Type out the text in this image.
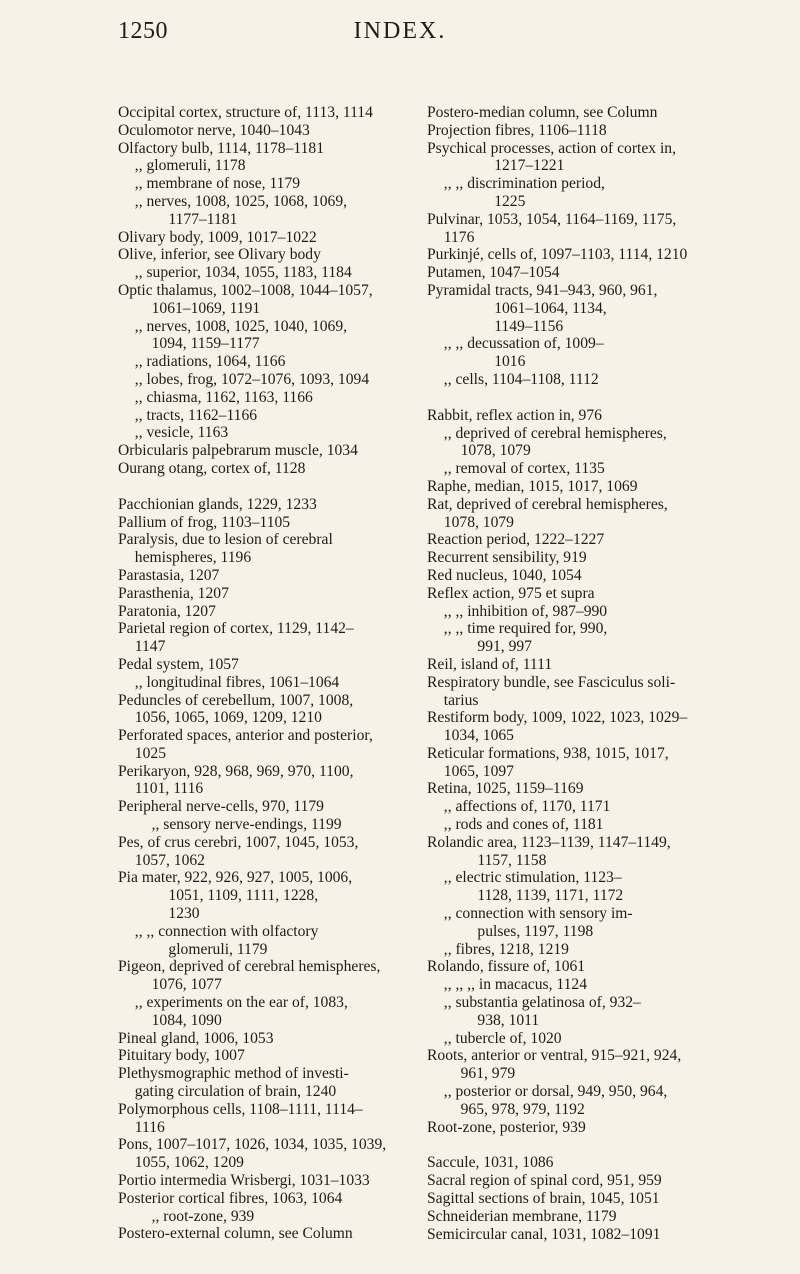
1250	INDEX.
Occipital cortex, structure of, 1113, 1114
Oculomotor nerve, 1040–1043
Olfactory bulb, 1114, 1178–1181
,, glomeruli, 1178
,, membrane of nose, 1179
,, nerves, 1008, 1025, 1068, 1069,
1177–1181
Olivary body, 1009, 1017–1022
Olive, inferior, see Olivary body
,, superior, 1034, 1055, 1183, 1184
Optic thalamus, 1002–1008, 1044–1057,
1061–1069, 1191
,, nerves, 1008, 1025, 1040, 1069,
1094, 1159–1177
,, radiations, 1064, 1166
,, lobes, frog, 1072–1076, 1093, 1094
,, chiasma, 1162, 1163, 1166
,, tracts, 1162–1166
,, vesicle, 1163
Orbicularis palpebrarum muscle, 1034
Ourang otang, cortex of, 1128
Pacchionian glands, 1229, 1233
Pallium of frog, 1103–1105
Paralysis, due to lesion of cerebral
hemispheres, 1196
Parastasia, 1207
Parasthenia, 1207
Paratonia, 1207
Parietal region of cortex, 1129, 1142–
1147
Pedal system, 1057
,, longitudinal fibres, 1061–1064
Peduncles of cerebellum, 1007, 1008,
1056, 1065, 1069, 1209, 1210
Perforated spaces, anterior and posterior,
1025
Perikaryon, 928, 968, 969, 970, 1100,
1101, 1116
Peripheral nerve-cells, 970, 1179
,, sensory nerve-endings, 1199
Pes, of crus cerebri, 1007, 1045, 1053,
1057, 1062
Pia mater, 922, 926, 927, 1005, 1006,
1051, 1109, 1111, 1228,
1230
,, ,, connection with olfactory
glomeruli, 1179
Pigeon, deprived of cerebral hemispheres,
1076, 1077
,, experiments on the ear of, 1083,
1084, 1090
Pineal gland, 1006, 1053
Pituitary body, 1007
Plethysmographic method of investi-
gating circulation of brain, 1240
Polymorphous cells, 1108–1111, 1114–
1116
Pons, 1007–1017, 1026, 1034, 1035, 1039,
1055, 1062, 1209
Portio intermedia Wrisbergi, 1031–1033
Posterior cortical fibres, 1063, 1064
,, root-zone, 939
Postero-external column, see Column
Postero-median column, see Column
Projection fibres, 1106–1118
Psychical processes, action of cortex in,
1217–1221
,, ,, discrimination period,
1225
Pulvinar, 1053, 1054, 1164–1169, 1175,
1176
Purkinjé, cells of, 1097–1103, 1114, 1210
Putamen, 1047–1054
Pyramidal tracts, 941–943, 960, 961,
1061–1064, 1134,
1149–1156
,, ,, decussation of, 1009–
1016
,, cells, 1104–1108, 1112
Rabbit, reflex action in, 976
,, deprived of cerebral hemispheres,
1078, 1079
,, removal of cortex, 1135
Raphe, median, 1015, 1017, 1069
Rat, deprived of cerebral hemispheres,
1078, 1079
Reaction period, 1222–1227
Recurrent sensibility, 919
Red nucleus, 1040, 1054
Reflex action, 975 et supra
,, ,, inhibition of, 987–990
,, ,, time required for, 990,
991, 997
Reil, island of, 1111
Respiratory bundle, see Fasciculus soli-
tarius
Restiform body, 1009, 1022, 1023, 1029–
1034, 1065
Reticular formations, 938, 1015, 1017,
1065, 1097
Retina, 1025, 1159–1169
,, affections of, 1170, 1171
,, rods and cones of, 1181
Rolandic area, 1123–1139, 1147–1149,
1157, 1158
,, electric stimulation, 1123–
1128, 1139, 1171, 1172
,, connection with sensory im-
pulses, 1197, 1198
,, fibres, 1218, 1219
Rolando, fissure of, 1061
,, ,, ,, in macacus, 1124
,, substantia gelatinosa of, 932–
938, 1011
,, tubercle of, 1020
Roots, anterior or ventral, 915–921, 924,
961, 979
,, posterior or dorsal, 949, 950, 964,
965, 978, 979, 1192
Root-zone, posterior, 939
Saccule, 1031, 1086
Sacral region of spinal cord, 951, 959
Sagittal sections of brain, 1045, 1051
Schneiderian membrane, 1179
Semicircular canal, 1031, 1082–1091
